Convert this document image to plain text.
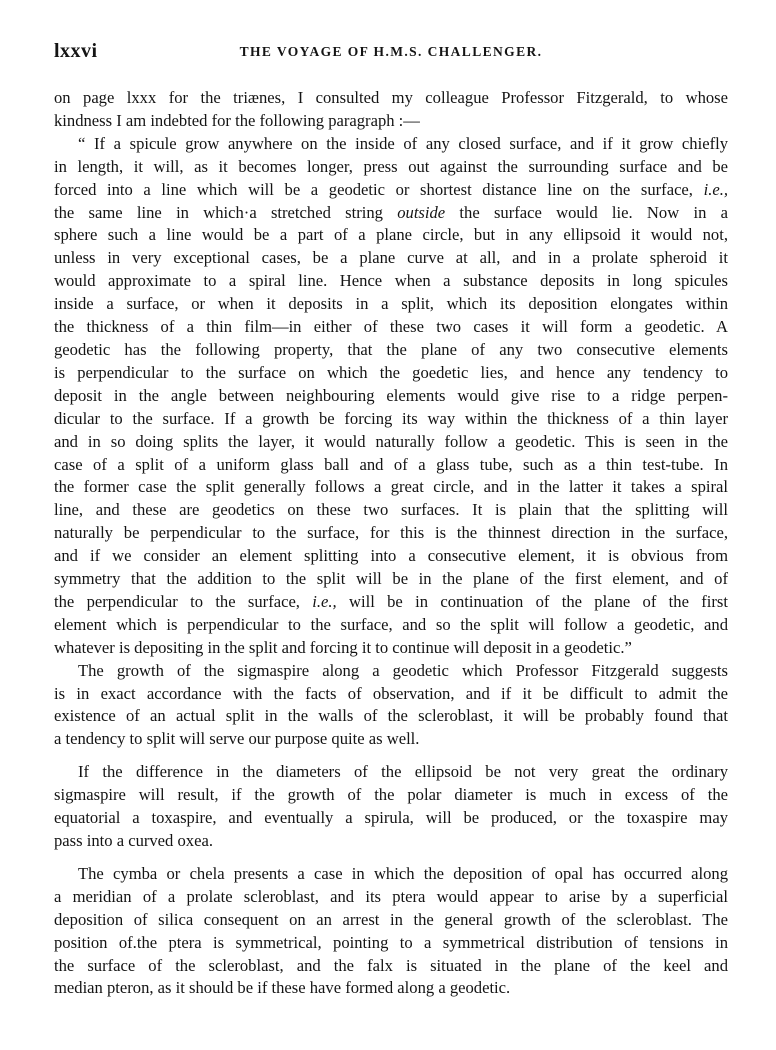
lxxvi	THE VOYAGE OF H.M.S. CHALLENGER.

on page lxxx for the triænes, I consulted my colleague Professor Fitzgerald, to whose
kindness I am indebted for the following paragraph :—

“ If a spicule grow anywhere on the inside of any closed surface, and if it grow chiefly
in length, it will, as it becomes longer, press out against the surrounding surface and be
forced into a line which will be a geodetic or shortest distance line on the surface, i.e.,
the same line in which·a stretched string outside the surface would lie. Now in a
sphere such a line would be a part of a plane circle, but in any ellipsoid it would not,
unless in very exceptional cases, be a plane curve at all, and in a prolate spheroid it
would approximate to a spiral line. Hence when a substance deposits in long spicules
inside a surface, or when it deposits in a split, which its deposition elongates within
the thickness of a thin film—in either of these two cases it will form a geodetic. A
geodetic has the following property, that the plane of any two consecutive elements
is perpendicular to the surface on which the goedetic lies, and hence any tendency to
deposit in the angle between neighbouring elements would give rise to a ridge perpen-
dicular to the surface. If a growth be forcing its way within the thickness of a thin layer
and in so doing splits the layer, it would naturally follow a geodetic. This is seen in the
case of a split of a uniform glass ball and of a glass tube, such as a thin test-tube. In
the former case the split generally follows a great circle, and in the latter it takes a spiral
line, and these are geodetics on these two surfaces. It is plain that the splitting will
naturally be perpendicular to the surface, for this is the thinnest direction in the surface,
and if we consider an element splitting into a consecutive element, it is obvious from
symmetry that the addition to the split will be in the plane of the first element, and of
the perpendicular to the surface, i.e., will be in continuation of the plane of the first
element which is perpendicular to the surface, and so the split will follow a geodetic, and
whatever is depositing in the split and forcing it to continue will deposit in a geodetic.”

The growth of the sigmaspire along a geodetic which Professor Fitzgerald suggests
is in exact accordance with the facts of observation, and if it be difficult to admit the
existence of an actual split in the walls of the scleroblast, it will be probably found that
a tendency to split will serve our purpose quite as well.

If the difference in the diameters of the ellipsoid be not very great the ordinary
sigmaspire will result, if the growth of the polar diameter is much in excess of the
equatorial a toxaspire, and eventually a spirula, will be produced, or the toxaspire may
pass into a curved oxea.

The cymba or chela presents a case in which the deposition of opal has occurred along
a meridian of a prolate scleroblast, and its ptera would appear to arise by a superficial
deposition of silica consequent on an arrest in the general growth of the scleroblast. The
position of.the ptera is symmetrical, pointing to a symmetrical distribution of tensions in
the surface of the scleroblast, and the falx is situated in the plane of the keel and
median pteron, as it should be if these have formed along a geodetic.
